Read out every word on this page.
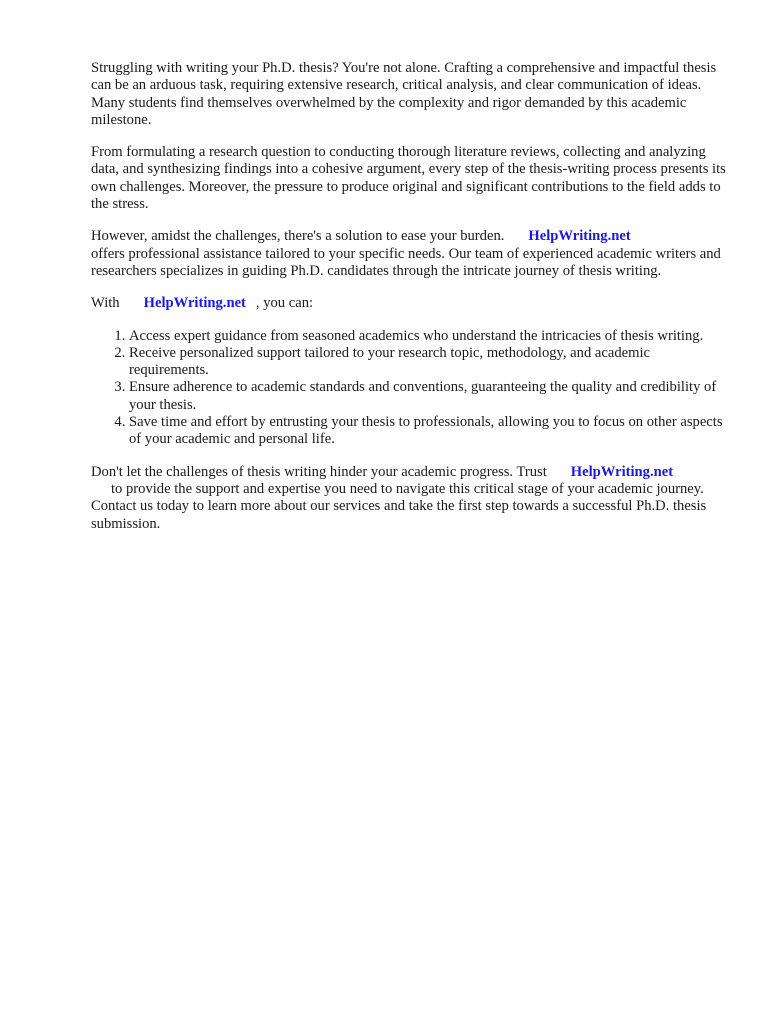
Struggling with writing your Ph.D. thesis? You're not alone. Crafting a comprehensive and impactful thesis can be an arduous task, requiring extensive research, critical analysis, and clear communication of ideas. Many students find themselves overwhelmed by the complexity and rigor demanded by this academic milestone.

From formulating a research question to conducting thorough literature reviews, collecting and analyzing data, and synthesizing findings into a cohesive argument, every step of the thesis-writing process presents its own challenges. Moreover, the pressure to produce original and significant contributions to the field adds to the stress.

However, amidst the challenges, there's a solution to ease your burden. HelpWriting.net
offers professional assistance tailored to your specific needs. Our team of experienced academic writers and researchers specializes in guiding Ph.D. candidates through the intricate journey of thesis writing.

With HelpWriting.net , you can:

1. Access expert guidance from seasoned academics who understand the intricacies of thesis writing.
2. Receive personalized support tailored to your research topic, methodology, and academic requirements.
3. Ensure adherence to academic standards and conventions, guaranteeing the quality and credibility of your thesis.
4. Save time and effort by entrusting your thesis to professionals, allowing you to focus on other aspects of your academic and personal life.

Don't let the challenges of thesis writing hinder your academic progress. Trust HelpWriting.net
to provide the support and expertise you need to navigate this critical stage of your academic journey. Contact us today to learn more about our services and take the first step towards a successful Ph.D. thesis submission.
